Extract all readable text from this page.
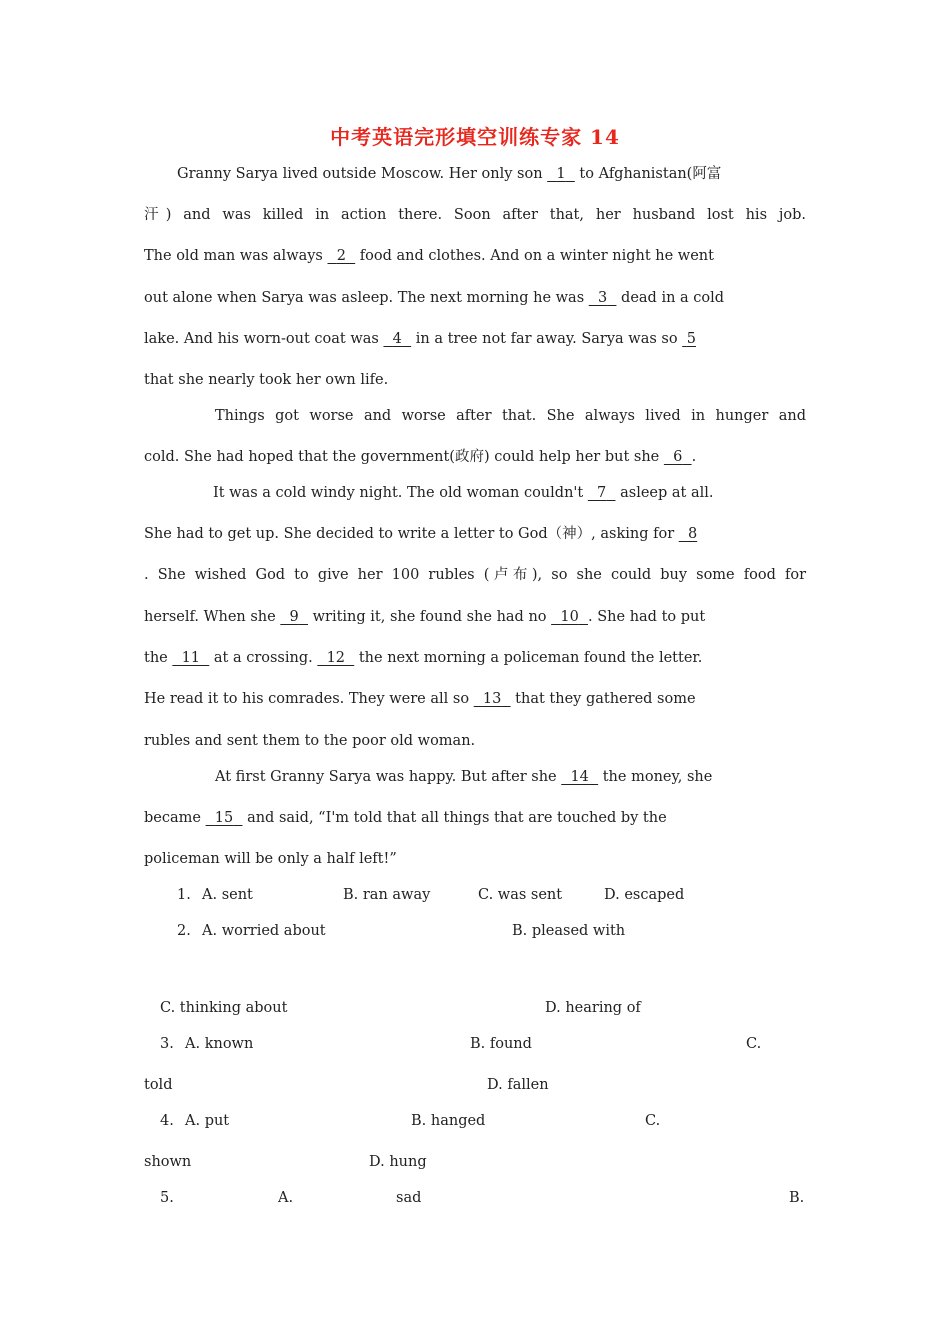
中考英语完形填空训练专家 14
Granny Sarya lived outside Moscow. Her only son   1   to Afghanistan(阿富
汗) and was killed in action there. Soon after that, her husband lost his job.
The old man was always   2   food and clothes. And on a winter night he went
out alone when Sarya was asleep. The next morning he was   3   dead in a cold
lake. And his worn-out coat was   4   in a tree not far away. Sarya was so  5
that she nearly took her own life.
Things got worse and worse after that. She always lived in hunger and
cold. She had hoped that the government(政府) could help her but she   6 .
It was a cold windy night. The old woman couldn't   7   asleep at all.
She had to get up. She decided to write a letter to God（神）, asking for   8
. She wished God to give her 100 rubles (卢布), so she could buy some food for
herself. When she   9   writing it, she found she had no   10 . She had to put
the   11   at a crossing.   12   the next morning a policeman found the letter.
He read it to his comrades. They were all so   13   that they gathered some
rubles and sent them to the poor old woman.
At first Granny Sarya was happy. But after she   14   the money, she
became   15   and said, “I'm told that all things that are touched by the
policeman will be only a half left!”
1. A. sent	B. ran away	C. was sent	D. escaped
2. A. worried about	B. pleased with
C. thinking about	D. hearing of
3. A. known	B. found	C.
told	D. fallen
4. A. put	B. hanged	C.
shown	D. hung
5.	A.	sad	B.
